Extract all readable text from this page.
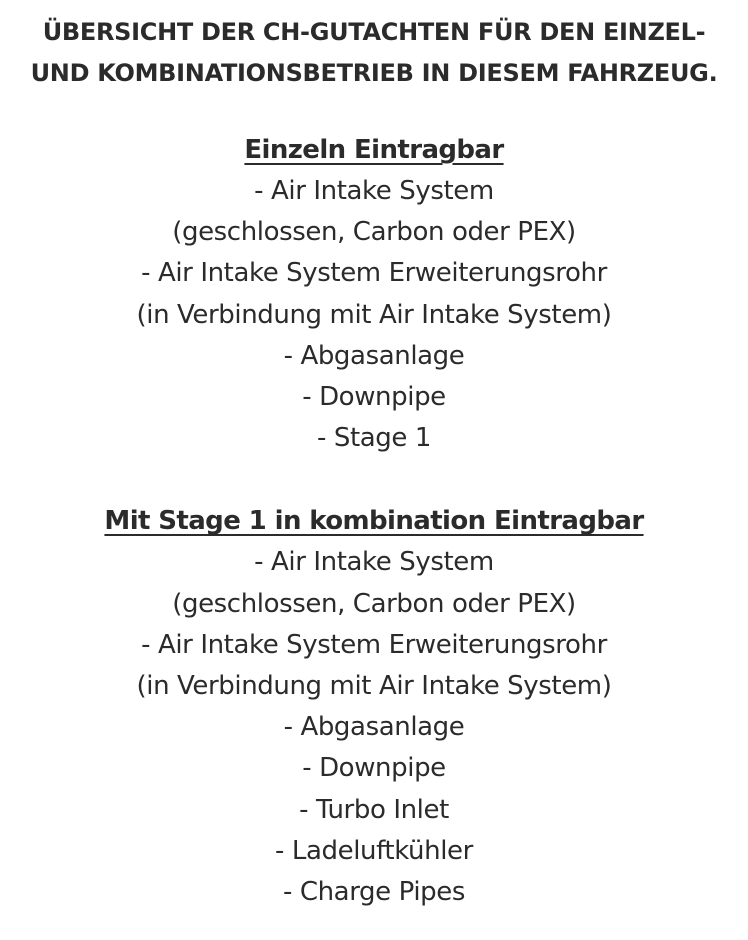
ÜBERSICHT DER CH-GUTACHTEN FÜR DEN EINZEL-
UND KOMBINATIONSBETRIEB IN DIESEM FAHRZEUG.

Einzeln Eintragbar

- Air Intake System

(geschlossen, Carbon oder PEX)

- Air Intake System Erweiterungsrohr

(in Verbindung mit Air Intake System)

- Abgasanlage

- Downpipe

- Stage 1

Mit Stage 1 in kombination Eintragbar

- Air Intake System

(geschlossen, Carbon oder PEX)

- Air Intake System Erweiterungsrohr

(in Verbindung mit Air Intake System)

- Abgasanlage

- Downpipe

- Turbo Inlet

- Ladeluftkühler

- Charge Pipes
